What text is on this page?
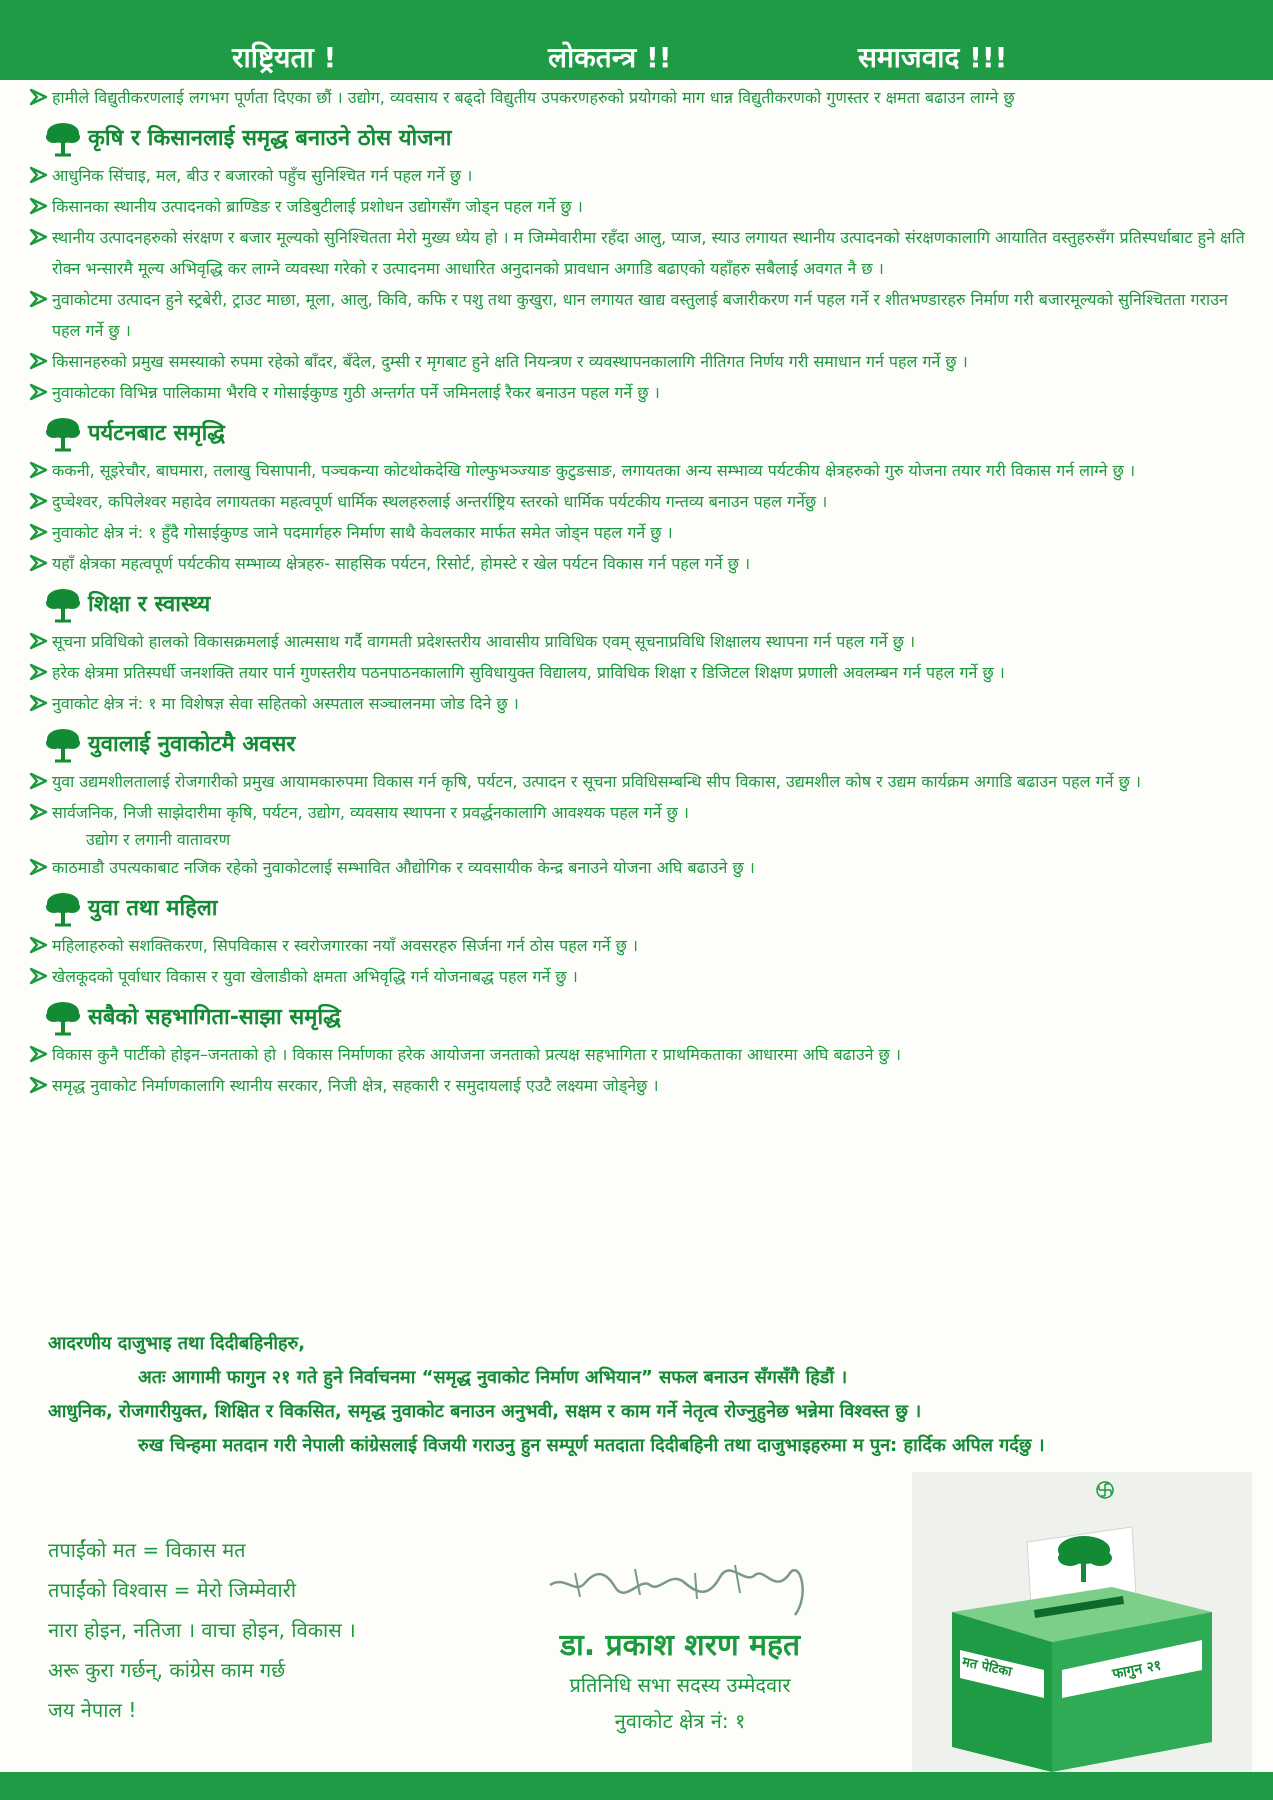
राष्ट्रियता !	लोकतन्त्र !!	समाजवाद !!!
हामीले विद्युतीकरणलाई लगभग पूर्णता दिएका छौं । उद्योग, व्यवसाय र बढ्दो विद्युतीय उपकरणहरुको प्रयोगको माग धान्न विद्युतीकरणको गुणस्तर र क्षमता बढाउन लाग्ने छु
कृषि र किसानलाई समृद्ध बनाउने ठोस योजना
आधुनिक सिंचाइ, मल, बीउ र बजारको पहुँच सुनिश्चित गर्न पहल गर्ने छु ।
किसानका स्थानीय उत्पादनको ब्राण्डिङ र जडिबुटीलाई प्रशोधन उद्योगसँग जोड्न पहल गर्ने छु ।
स्थानीय उत्पादनहरुको संरक्षण र बजार मूल्यको सुनिश्चितता मेरो मुख्य ध्येय हो । म जिम्मेवारीमा रहँदा आलु, प्याज, स्याउ लगायत स्थानीय उत्पादनको संरक्षणकालागि आयातित वस्तुहरुसँग प्रतिस्पर्धाबाट हुने क्षति रोक्न भन्सारमै मूल्य अभिवृद्धि कर लाग्ने व्यवस्था गरेको र उत्पादनमा आधारित अनुदानको प्रावधान अगाडि बढाएको यहाँहरु सबैलाई अवगत नै छ ।
नुवाकोटमा उत्पादन हुने स्ट्रबेरी, ट्राउट माछा, मूला, आलु, किवि, कफि र पशु तथा कुखुरा, धान लगायत खाद्य वस्तुलाई बजारीकरण गर्न पहल गर्ने र शीतभण्डारहरु निर्माण गरी बजारमूल्यको सुनिश्चितता गराउन पहल गर्ने छु ।
किसानहरुको प्रमुख समस्याको रुपमा रहेको बाँदर, बँदेल, दुम्सी र मृगबाट हुने क्षति नियन्त्रण र व्यवस्थापनकालागि नीतिगत निर्णय गरी समाधान गर्न पहल गर्ने छु ।
नुवाकोटका विभिन्न पालिकामा भैरवि र गोसाईकुण्ड गुठी अन्तर्गत पर्ने जमिनलाई रैकर बनाउन पहल गर्ने छु ।
पर्यटनबाट समृद्धि
ककनी, सूइरेचौर, बाघमारा, तलाखु चिसापानी, पञ्चकन्या कोटथोकदेखि गोल्फुभञ्ज्याङ कुटुङसाङ, लगायतका अन्य सम्भाव्य पर्यटकीय क्षेत्रहरुको गुरु योजना तयार गरी विकास गर्न लाग्ने छु ।
दुप्चेश्वर, कपिलेश्वर महादेव लगायतका महत्वपूर्ण धार्मिक स्थलहरुलाई अन्तर्राष्ट्रिय स्तरको धार्मिक पर्यटकीय गन्तव्य बनाउन पहल गर्नेछु ।
नुवाकोट क्षेत्र नं: १ हुँदै गोसाईकुण्ड जाने पदमार्गहरु निर्माण साथै केवलकार मार्फत समेत जोड्न पहल गर्ने छु ।
यहाँ क्षेत्रका महत्वपूर्ण पर्यटकीय सम्भाव्य क्षेत्रहरु- साहसिक पर्यटन, रिसोर्ट, होमस्टे र खेल पर्यटन विकास गर्न पहल गर्ने छु ।
शिक्षा र स्वास्थ्य
सूचना प्रविधिको हालको विकासक्रमलाई आत्मसाथ गर्दै वागमती प्रदेशस्तरीय आवासीय प्राविधिक एवम् सूचनाप्रविधि शिक्षालय स्थापना गर्न पहल गर्ने छु ।
हरेक क्षेत्रमा प्रतिस्पर्धी जनशक्ति तयार पार्न गुणस्तरीय पठनपाठनकालागि सुविधायुक्त विद्यालय, प्राविधिक शिक्षा र डिजिटल शिक्षण प्रणाली अवलम्बन गर्न पहल गर्ने छु ।
नुवाकोट क्षेत्र नं: १ मा विशेषज्ञ सेवा सहितको अस्पताल सञ्चालनमा जोड दिने छु ।
युवालाई नुवाकोटमै अवसर
युवा उद्यमशीलतालाई रोजगारीको प्रमुख आयामकारुपमा विकास गर्न कृषि, पर्यटन, उत्पादन र सूचना प्रविधिसम्बन्धि सीप विकास, उद्यमशील कोष र उद्यम कार्यक्रम अगाडि बढाउन पहल गर्ने छु ।
सार्वजनिक, निजी साझेदारीमा कृषि, पर्यटन, उद्योग, व्यवसाय स्थापना र प्रवर्द्धनकालागि आवश्यक पहल गर्ने छु ।
उद्योग र लगानी वातावरण
काठमाडौ उपत्यकाबाट नजिक रहेको नुवाकोटलाई सम्भावित औद्योगिक र व्यवसायीक केन्द्र बनाउने योजना अघि बढाउने छु ।
युवा तथा महिला
महिलाहरुको सशक्तिकरण, सिपविकास र स्वरोजगारका नयाँ अवसरहरु सिर्जना गर्न ठोस पहल गर्ने छु ।
खेलकूदको पूर्वाधार विकास र युवा खेलाडीको क्षमता अभिवृद्धि गर्न योजनाबद्ध पहल गर्ने छु ।
सबैको सहभागिता-साझा समृद्धि
विकास कुनै पार्टीको होइन–जनताको हो । विकास निर्माणका हरेक आयोजना जनताको प्रत्यक्ष सहभागिता र प्राथमिकताका आधारमा अघि बढाउने छु ।
समृद्ध नुवाकोट निर्माणकालागि स्थानीय सरकार, निजी क्षेत्र, सहकारी र समुदायलाई एउटै लक्ष्यमा जोड्नेछु ।

आदरणीय दाजुभाइ तथा दिदीबहिनीहरु,

अतः आगामी फागुन २१ गते हुने निर्वाचनमा “समृद्ध नुवाकोट निर्माण अभियान” सफल बनाउन सँगसँगै हिडौं ।

आधुनिक, रोजगारीयुक्त, शिक्षित र विकसित, समृद्ध नुवाकोट बनाउन अनुभवी, सक्षम र काम गर्ने नेतृत्व रोज्नुहुनेछ भन्नेमा विश्वस्त छु ।

रुख चिन्हमा मतदान गरी नेपाली कांग्रेसलाई विजयी गराउनु हुन सम्पूर्ण मतदाता दिदीबहिनी तथा दाजुभाइहरुमा म पुन: हार्दिक अपिल गर्दछु ।

तपाईंको मत = विकास मत
तपाईंको विश्वास = मेरो जिम्मेवारी
नारा होइन, नतिजा । वाचा होइन, विकास ।
अरू कुरा गर्छन्, कांग्रेस काम गर्छ
जय नेपाल !
डा. प्रकाश शरण महत
प्रतिनिधि सभा सदस्य उम्मेदवार
नुवाकोट क्षेत्र नं: १
मत पेटिका	फागुन २१
